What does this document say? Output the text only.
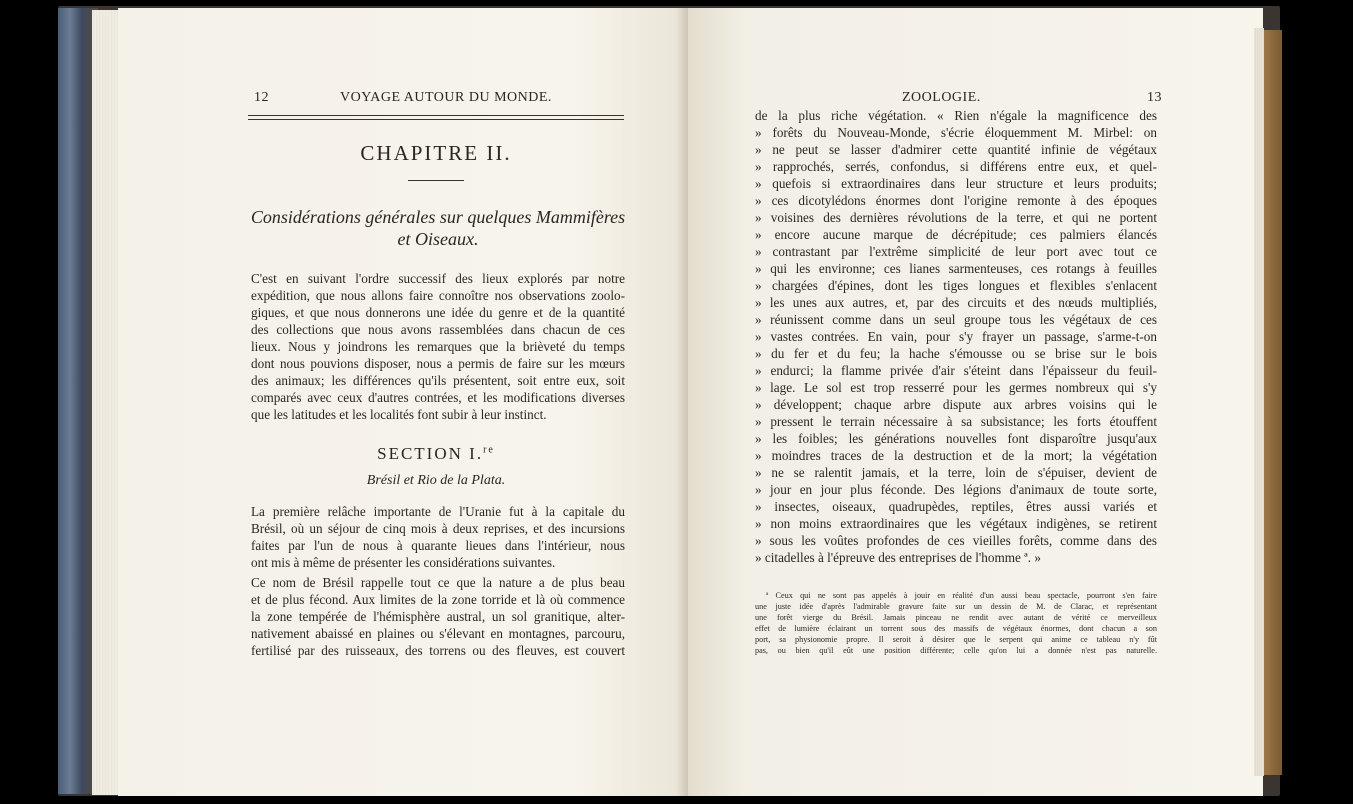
12	VOYAGE AUTOUR DU MONDE.
CHAPITRE II.
Considérations générales sur quelques Mammifères
et Oiseaux.
C'est en suivant l'ordre successif des lieux explorés par notre
expédition, que nous allons faire connoître nos observations zoolo-
giques, et que nous donnerons une idée du genre et de la quantité
des collections que nous avons rassemblées dans chacun de ces
lieux. Nous y joindrons les remarques que la brièveté du temps
dont nous pouvions disposer, nous a permis de faire sur les mœurs
des animaux; les différences qu'ils présentent, soit entre eux, soit
comparés avec ceux d'autres contrées, et les modifications diverses
que les latitudes et les localités font subir à leur instinct.
SECTION I.$^{re}$
Brésil et Rio de la Plata.
La première relâche importante de l'Uranie fut à la capitale du
Brésil, où un séjour de cinq mois à deux reprises, et des incursions
faites par l'un de nous à quarante lieues dans l'intérieur, nous
ont mis à même de présenter les considérations suivantes.
Ce nom de Brésil rappelle tout ce que la nature a de plus beau
et de plus fécond. Aux limites de la zone torride et là où commence
la zone tempérée de l'hémisphère austral, un sol granitique, alter-
nativement abaissé en plaines ou s'élevant en montagnes, parcouru,
fertilisé par des ruisseaux, des torrens ou des fleuves, est couvert
ZOOLOGIE.	13
de la plus riche végétation. « Rien n'égale la magnificence des
» forêts du Nouveau-Monde, s'écrie éloquemment M. Mirbel: on
» ne peut se lasser d'admirer cette quantité infinie de végétaux
» rapprochés, serrés, confondus, si différens entre eux, et quel-
» quefois si extraordinaires dans leur structure et leurs produits;
» ces dicotylédons énormes dont l'origine remonte à des époques
» voisines des dernières révolutions de la terre, et qui ne portent
» encore aucune marque de décrépitude; ces palmiers élancés
» contrastant par l'extrême simplicité de leur port avec tout ce
» qui les environne; ces lianes sarmenteuses, ces rotangs à feuilles
» chargées d'épines, dont les tiges longues et flexibles s'enlacent
» les unes aux autres, et, par des circuits et des nœuds multipliés,
» réunissent comme dans un seul groupe tous les végétaux de ces
» vastes contrées. En vain, pour s'y frayer un passage, s'arme-t-on
» du fer et du feu; la hache s'émousse ou se brise sur le bois
» endurci; la flamme privée d'air s'éteint dans l'épaisseur du feuil-
» lage. Le sol est trop resserré pour les germes nombreux qui s'y
» développent; chaque arbre dispute aux arbres voisins qui le
» pressent le terrain nécessaire à sa subsistance; les forts étouffent
» les foibles; les générations nouvelles font disparoître jusqu'aux
» moindres traces de la destruction et de la mort; la végétation
» ne se ralentit jamais, et la terre, loin de s'épuiser, devient de
» jour en jour plus féconde. Des légions d'animaux de toute sorte,
» insectes, oiseaux, quadrupèdes, reptiles, êtres aussi variés et
» non moins extraordinaires que les végétaux indigènes, se retirent
» sous les voûtes profondes de ces vieilles forêts, comme dans des
» citadelles à l'épreuve des entreprises de l'homme ª. »
ª Ceux qui ne sont pas appelés à jouir en réalité d'un aussi beau spectacle, pourront s'en faire
une juste idée d'après l'admirable gravure faite sur un dessin de M. de Clarac, et représentant
une forêt vierge du Brésil. Jamais pinceau ne rendit avec autant de vérité ce merveilleux
effet de lumière éclairant un torrent sous des massifs de végétaux énormes, dont chacun a son
port, sa physionomie propre. Il seroit à désirer que le serpent qui anime ce tableau n'y fût
pas, ou bien qu'il eût une position différente; celle qu'on lui a donnée n'est pas naturelle.
